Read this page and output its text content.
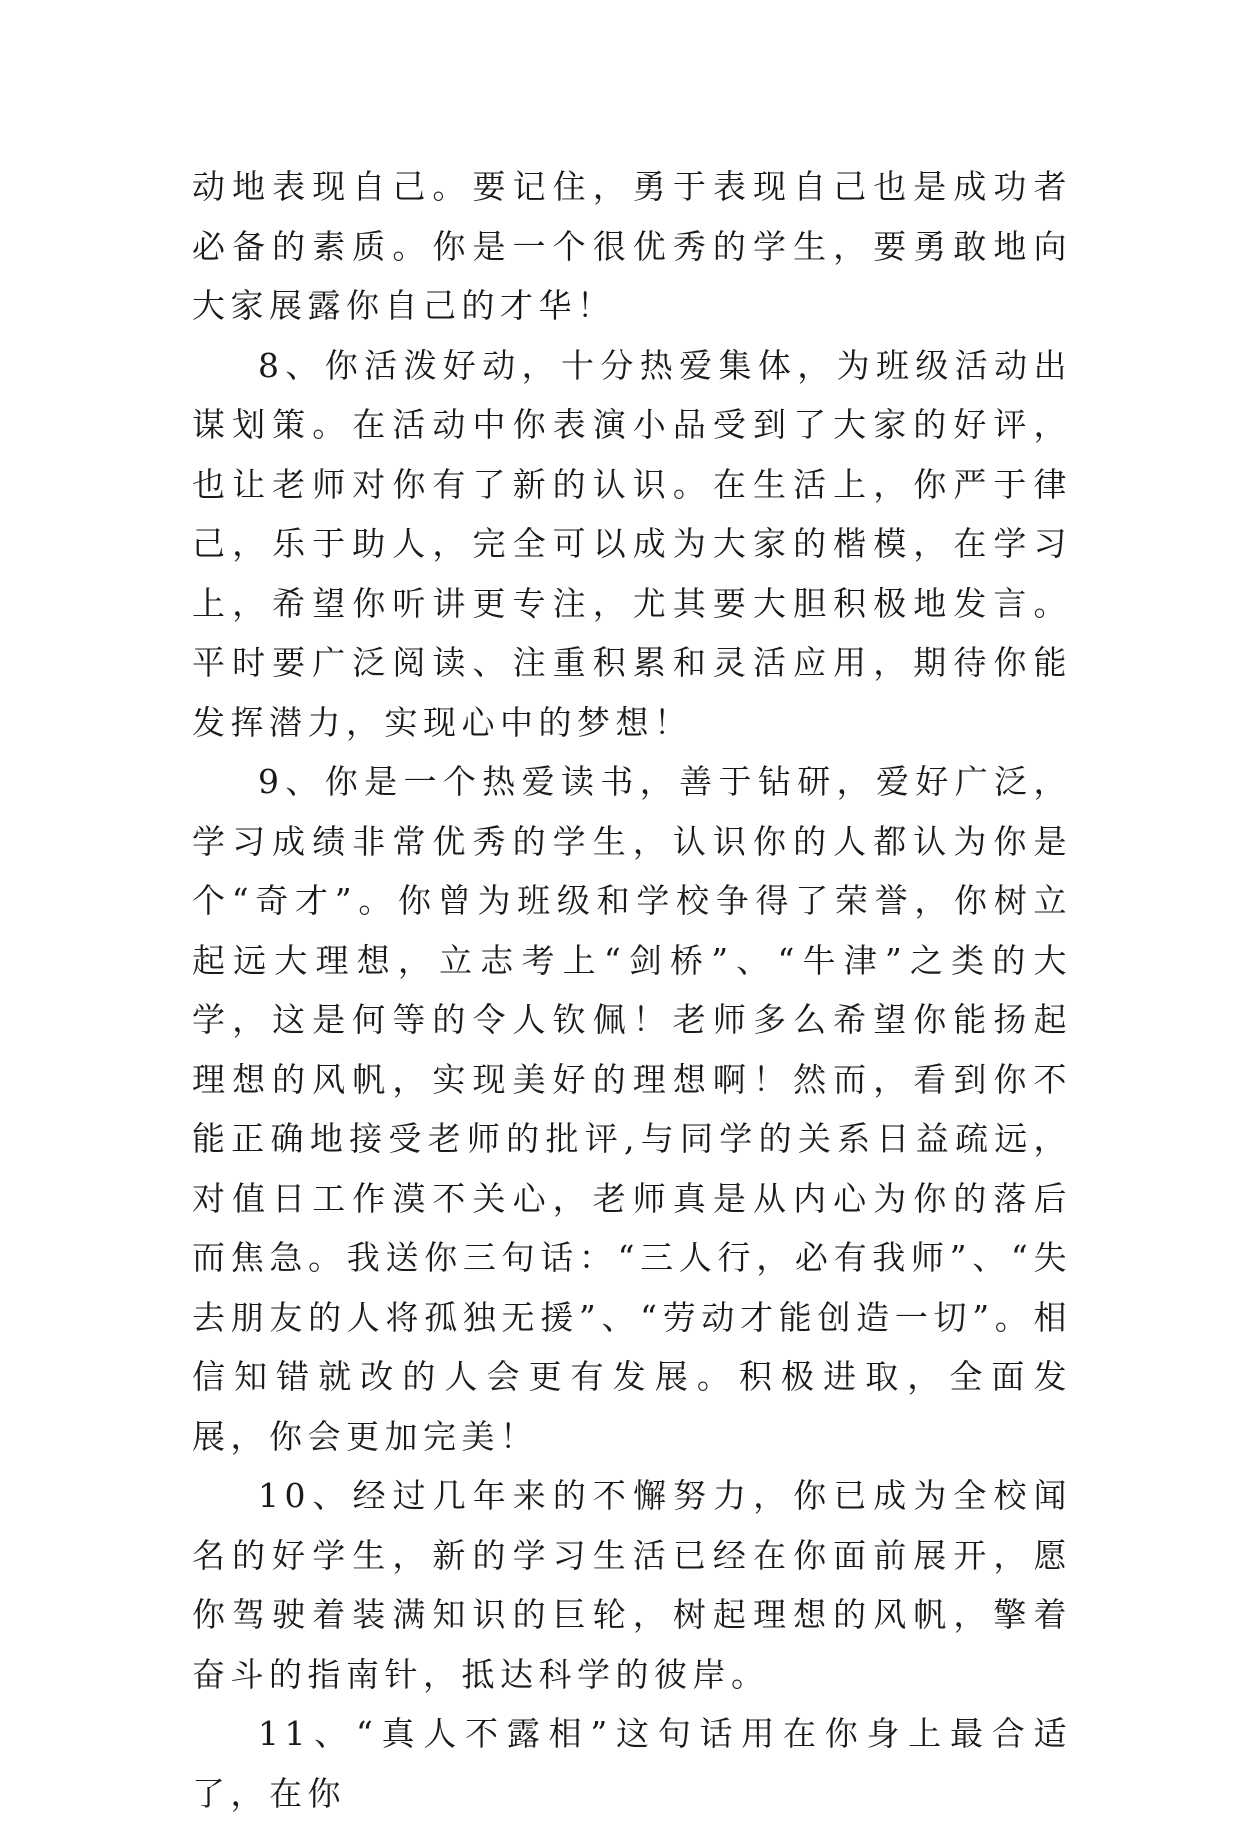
动地表现自己。要记住，勇于表现自己也是成功者必备的素质。你是一个很优秀的学生，要勇敢地向大家展露你自己的才华！

8、你活泼好动，十分热爱集体，为班级活动出谋划策。在活动中你表演小品受到了大家的好评，也让老师对你有了新的认识。在生活上，你严于律己，乐于助人，完全可以成为大家的楷模，在学习上，希望你听讲更专注，尤其要大胆积极地发言。平时要广泛阅读、注重积累和灵活应用，期待你能发挥潜力，实现心中的梦想！

9、你是一个热爱读书，善于钻研，爱好广泛，学习成绩非常优秀的学生，认识你的人都认为你是个“奇才”。你曾为班级和学校争得了荣誉，你树立起远大理想，立志考上“剑桥”、“牛津”之类的大学，这是何等的令人钦佩！老师多么希望你能扬起理想的风帆，实现美好的理想啊！然而，看到你不能正确地接受老师的批评,与同学的关系日益疏远，对值日工作漠不关心，老师真是从内心为你的落后而焦急。我送你三句话：“三人行，必有我师”、“失去朋友的人将孤独无援”、“劳动才能创造一切”。相信知错就改的人会更有发展。积极进取，全面发展，你会更加完美！

10、经过几年来的不懈努力，你已成为全校闻名的好学生，新的学习生活已经在你面前展开，愿你驾驶着装满知识的巨轮，树起理想的风帆，擎着奋斗的指南针，抵达科学的彼岸。

11、“真人不露相”这句话用在你身上最合适了，在你
